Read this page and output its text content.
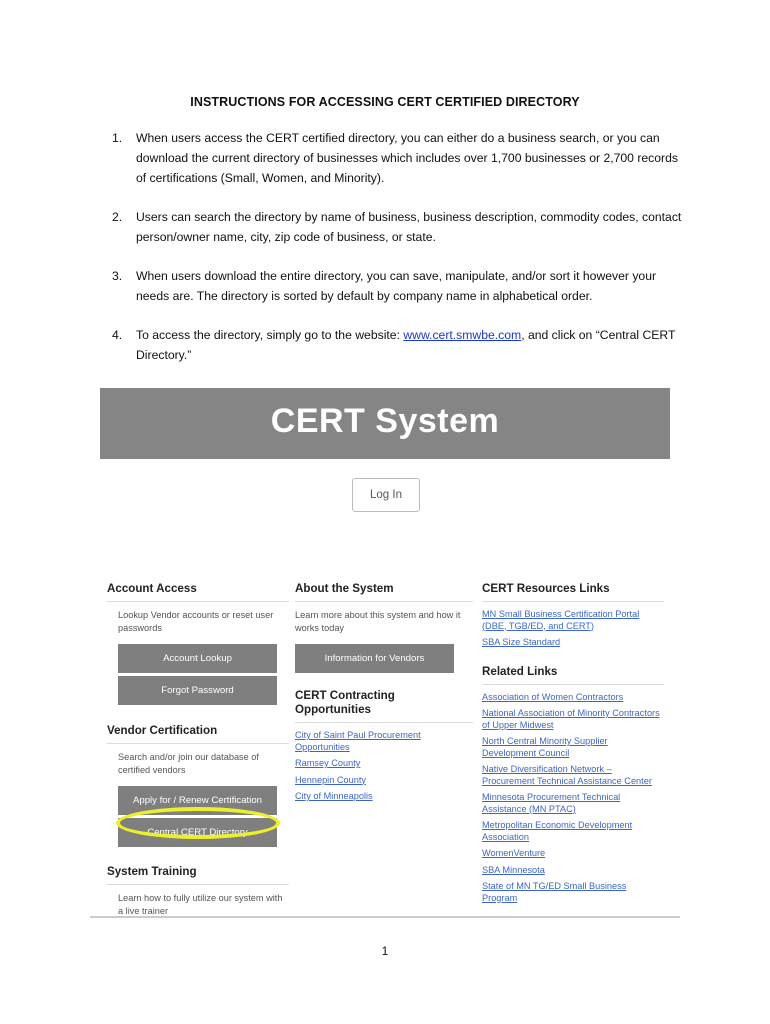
INSTRUCTIONS FOR ACCESSING CERT CERTIFIED DIRECTORY
1. When users access the CERT certified directory, you can either do a business search, or you can download the current directory of businesses which includes over 1,700 businesses or 2,700 records of certifications (Small, Women, and Minority).
2. Users can search the directory by name of business, business description, commodity codes, contact person/owner name, city, zip code of business, or state.
3. When users download the entire directory, you can save, manipulate, and/or sort it however your needs are. The directory is sorted by default by company name in alphabetical order.
4. To access the directory, simply go to the website: www.cert.smwbe.com, and click on “Central CERT Directory.”
CERT System
Log In
Account Access
Lookup Vendor accounts or reset user passwords
Account Lookup
Forgot Password
Vendor Certification
Search and/or join our database of certified vendors
Apply for / Renew Certification
Central CERT Directory
System Training
Learn how to fully utilize our system with a live trainer
About the System
Learn more about this system and how it works today
Information for Vendors
CERT Contracting Opportunities
City of Saint Paul Procurement Opportunities
Ramsey County
Hennepin County
City of Minneapolis
CERT Resources Links
MN Small Business Certification Portal (DBE, TGB/ED, and CERT)
SBA Size Standard
Related Links
Association of Women Contractors
National Association of Minority Contractors of Upper Midwest
North Central Minority Supplier Development Council
Native Diversification Network – Procurement Technical Assistance Center
Minnesota Procurement Technical Assistance (MN PTAC)
Metropolitan Economic Development Association
WomenVenture
SBA Minnesota
State of MN TG/ED Small Business Program
1
